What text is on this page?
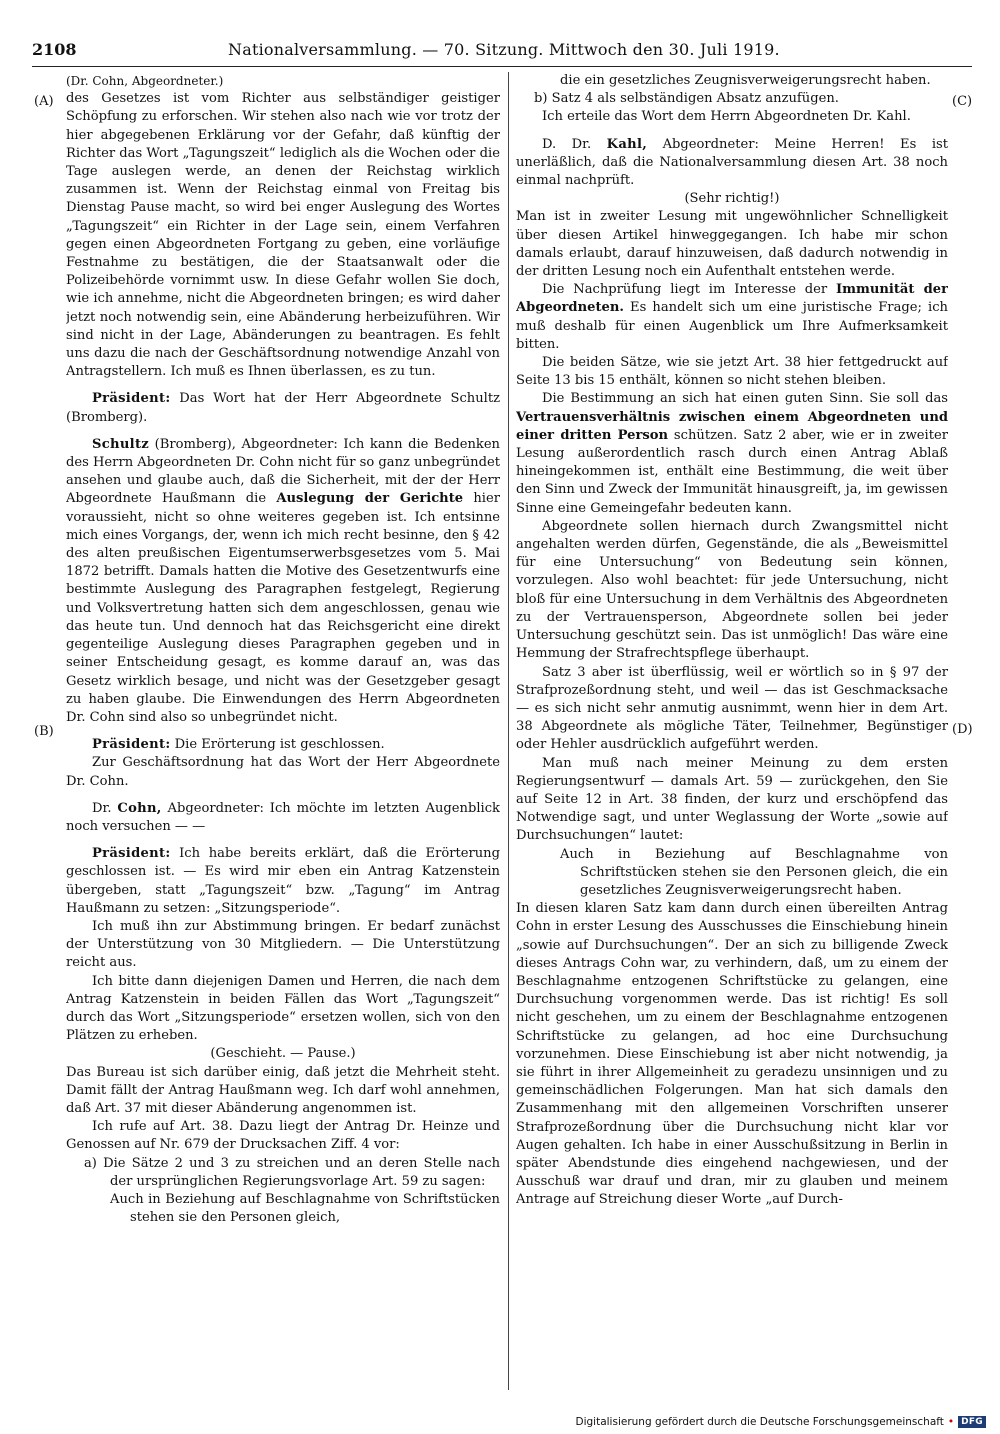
2108	Nationalversammlung. — 70. Sitzung. Mittwoch den 30. Juli 1919.
(A)
(B)
(C)
(D)

(Dr. Cohn, Abgeordneter.)

des Gesetzes ist vom Richter aus selbständiger geistiger Schöpfung zu erforschen. Wir stehen also nach wie vor trotz der hier abgegebenen Erklärung vor der Gefahr, daß künftig der Richter das Wort „Tagungszeit“ lediglich als die Wochen oder die Tage auslegen werde, an denen der Reichstag wirklich zusammen ist. Wenn der Reichstag einmal von Freitag bis Dienstag Pause macht, so wird bei enger Auslegung des Wortes „Tagungszeit“ ein Richter in der Lage sein, einem Verfahren gegen einen Abgeordneten Fortgang zu geben, eine vorläufige Festnahme zu bestätigen, die der Staatsanwalt oder die Polizeibehörde vornimmt usw. In diese Gefahr wollen Sie doch, wie ich annehme, nicht die Abgeordneten bringen; es wird daher jetzt noch notwendig sein, eine Abänderung herbeizuführen. Wir sind nicht in der Lage, Abänderungen zu beantragen. Es fehlt uns dazu die nach der Geschäftsordnung notwendige Anzahl von Antragstellern. Ich muß es Ihnen überlassen, es zu tun.

Präsident: Das Wort hat der Herr Abgeordnete Schultz (Bromberg).

Schultz (Bromberg), Abgeordneter: Ich kann die Bedenken des Herrn Abgeordneten Dr. Cohn nicht für so ganz unbegründet ansehen und glaube auch, daß die Sicherheit, mit der der Herr Abgeordnete Haußmann die Auslegung der Gerichte hier voraussieht, nicht so ohne weiteres gegeben ist. Ich entsinne mich eines Vorgangs, der, wenn ich mich recht besinne, den § 42 des alten preußischen Eigentumserwerbsgesetzes vom 5. Mai 1872 betrifft. Damals hatten die Motive des Gesetzentwurfs eine bestimmte Auslegung des Paragraphen festgelegt, Regierung und Volksvertretung hatten sich dem angeschlossen, genau wie das heute tun. Und dennoch hat das Reichsgericht eine direkt gegenteilige Auslegung dieses Paragraphen gegeben und in seiner Entscheidung gesagt, es komme darauf an, was das Gesetz wirklich besage, und nicht was der Gesetzgeber gesagt zu haben glaube. Die Einwendungen des Herrn Abgeordneten Dr. Cohn sind also so unbegründet nicht.

Präsident: Die Erörterung ist geschlossen.

Zur Geschäftsordnung hat das Wort der Herr Abgeordnete Dr. Cohn.

Dr. Cohn, Abgeordneter: Ich möchte im letzten Augenblick noch versuchen — —

Präsident: Ich habe bereits erklärt, daß die Erörterung geschlossen ist. — Es wird mir eben ein Antrag Katzenstein übergeben, statt „Tagungszeit“ bzw. „Tagung“ im Antrag Haußmann zu setzen: „Sitzungsperiode“.

Ich muß ihn zur Abstimmung bringen. Er bedarf zunächst der Unterstützung von 30 Mitgliedern. — Die Unterstützung reicht aus.

Ich bitte dann diejenigen Damen und Herren, die nach dem Antrag Katzenstein in beiden Fällen das Wort „Tagungszeit“ durch das Wort „Sitzungsperiode“ ersetzen wollen, sich von den Plätzen zu erheben.

(Geschieht. — Pause.)

Das Bureau ist sich darüber einig, daß jetzt die Mehrheit steht. Damit fällt der Antrag Haußmann weg. Ich darf wohl annehmen, daß Art. 37 mit dieser Abänderung angenommen ist.

Ich rufe auf Art. 38. Dazu liegt der Antrag Dr. Heinze und Genossen auf Nr. 679 der Drucksachen Ziff. 4 vor:

a) Die Sätze 2 und 3 zu streichen und an deren Stelle nach der ursprünglichen Regierungsvorlage Art. 59 zu sagen:

Auch in Beziehung auf Beschlagnahme von Schriftstücken stehen sie den Personen gleich,

die ein gesetzliches Zeugnisverweigerungsrecht haben.

b) Satz 4 als selbständigen Absatz anzufügen.

Ich erteile das Wort dem Herrn Abgeordneten Dr. Kahl.

D. Dr. Kahl, Abgeordneter: Meine Herren! Es ist unerläßlich, daß die Nationalversammlung diesen Art. 38 noch einmal nachprüft.

(Sehr richtig!)

Man ist in zweiter Lesung mit ungewöhnlicher Schnelligkeit über diesen Artikel hinweggegangen. Ich habe mir schon damals erlaubt, darauf hinzuweisen, daß dadurch notwendig in der dritten Lesung noch ein Aufenthalt entstehen werde.

Die Nachprüfung liegt im Interesse der Immunität der Abgeordneten. Es handelt sich um eine juristische Frage; ich muß deshalb für einen Augenblick um Ihre Aufmerksamkeit bitten.

Die beiden Sätze, wie sie jetzt Art. 38 hier fettgedruckt auf Seite 13 bis 15 enthält, können so nicht stehen bleiben.

Die Bestimmung an sich hat einen guten Sinn. Sie soll das Vertrauensverhältnis zwischen einem Abgeordneten und einer dritten Person schützen. Satz 2 aber, wie er in zweiter Lesung außerordentlich rasch durch einen Antrag Ablaß hineingekommen ist, enthält eine Bestimmung, die weit über den Sinn und Zweck der Immunität hinausgreift, ja, im gewissen Sinne eine Gemeingefahr bedeuten kann.

Abgeordnete sollen hiernach durch Zwangsmittel nicht angehalten werden dürfen, Gegenstände, die als „Beweismittel für eine Untersuchung“ von Bedeutung sein können, vorzulegen. Also wohl beachtet: für jede Untersuchung, nicht bloß für eine Untersuchung in dem Verhältnis des Abgeordneten zu der Vertrauensperson, Abgeordnete sollen bei jeder Untersuchung geschützt sein. Das ist unmöglich! Das wäre eine Hemmung der Strafrechtspflege überhaupt.

Satz 3 aber ist überflüssig, weil er wörtlich so in § 97 der Strafprozeßordnung steht, und weil — das ist Geschmacksache — es sich nicht sehr anmutig ausnimmt, wenn hier in dem Art. 38 Abgeordnete als mögliche Täter, Teilnehmer, Begünstiger oder Hehler ausdrücklich aufgeführt werden.

Man muß nach meiner Meinung zu dem ersten Regierungsentwurf — damals Art. 59 — zurückgehen, den Sie auf Seite 12 in Art. 38 finden, der kurz und erschöpfend das Notwendige sagt, und unter Weglassung der Worte „sowie auf Durchsuchungen“ lautet:

Auch in Beziehung auf Beschlagnahme von Schriftstücken stehen sie den Personen gleich, die ein gesetzliches Zeugnisverweigerungsrecht haben.

In diesen klaren Satz kam dann durch einen übereilten Antrag Cohn in erster Lesung des Ausschusses die Einschiebung hinein „sowie auf Durchsuchungen“. Der an sich zu billigende Zweck dieses Antrags Cohn war, zu verhindern, daß, um zu einem der Beschlagnahme entzogenen Schriftstücke zu gelangen, eine Durchsuchung vorgenommen werde. Das ist richtig! Es soll nicht geschehen, um zu einem der Beschlagnahme entzogenen Schriftstücke zu gelangen, ad hoc eine Durchsuchung vorzunehmen. Diese Einschiebung ist aber nicht notwendig, ja sie führt in ihrer Allgemeinheit zu geradezu unsinnigen und zu gemeinschädlichen Folgerungen. Man hat sich damals den Zusammenhang mit den allgemeinen Vorschriften unserer Strafprozeßordnung über die Durchsuchung nicht klar vor Augen gehalten. Ich habe in einer Ausschußsitzung in Berlin in später Abendstunde dies eingehend nachgewiesen, und der Ausschuß war drauf und dran, mir zu glauben und meinem Antrage auf Streichung dieser Worte „auf Durch-

Digitalisierung gefördert durch die Deutsche Forschungsgemeinschaft • DFG
